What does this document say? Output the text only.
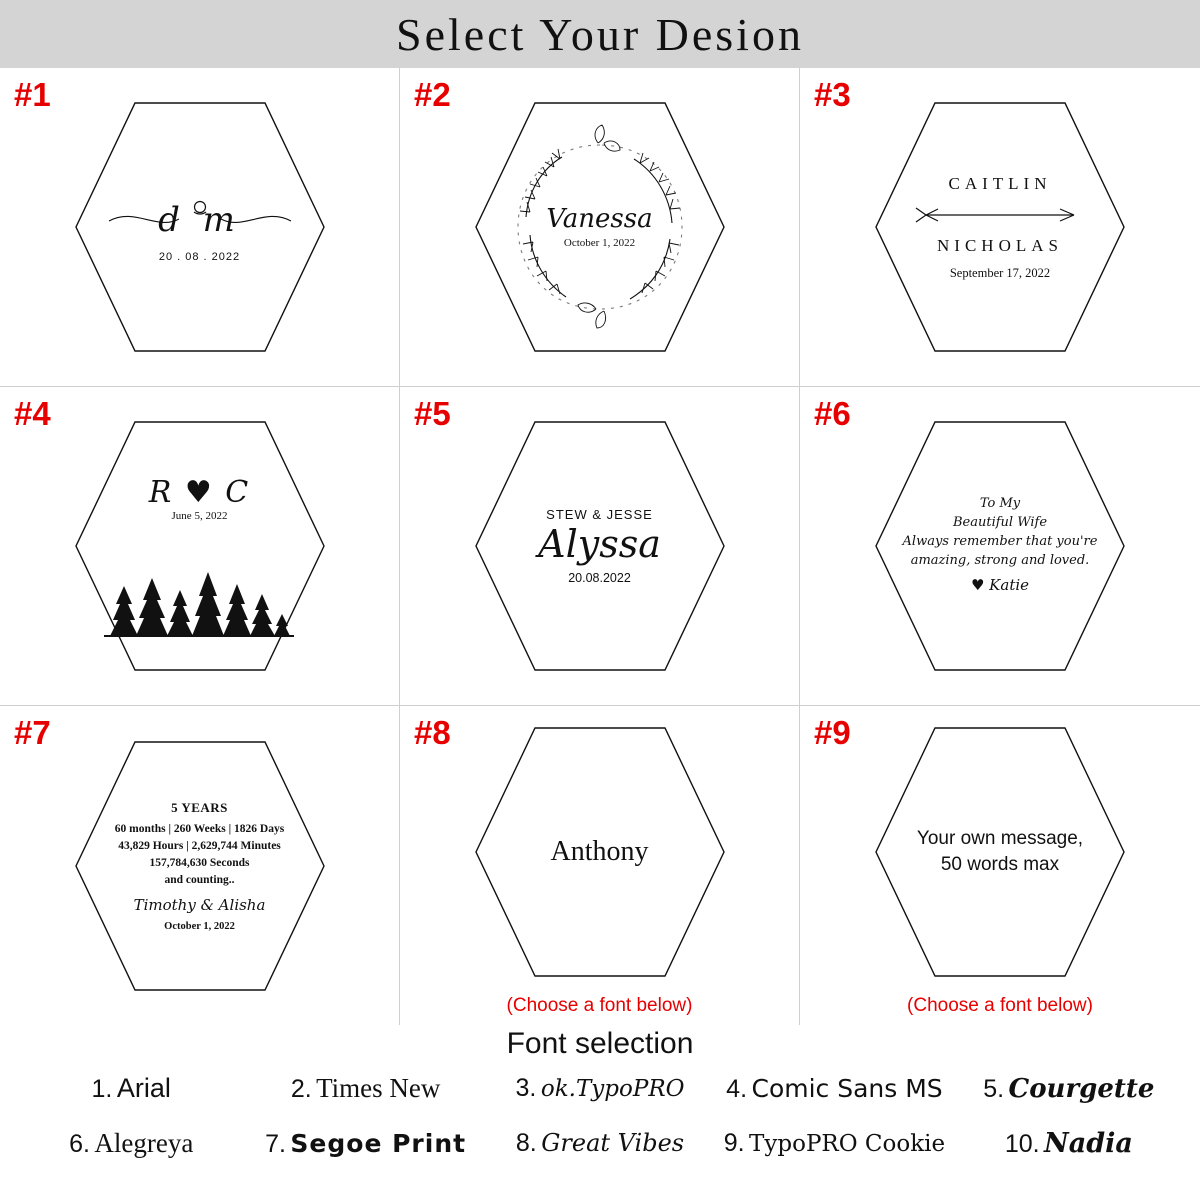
Select Your Desion
#1
d m
20 . 08 . 2022
#2
Vanessa
October 1, 2022
#3
CAITLIN
NICHOLAS
September 17, 2022
#4
R ♥ C
June 5, 2022
#5
STEW & JESSE
Alyssa
20.08.2022
#6
To My
Beautiful Wife
Always remember that you're
amazing, strong and loved.
♥ Katie
#7
5 YEARS
60 months | 260 Weeks | 1826 Days
43,829 Hours | 2,629,744 Minutes
157,784,630 Seconds
and counting..
Timothy & Alisha
October 1, 2022
#8
Anthony
(Choose a font below)
#9
Your own message,
50 words max
(Choose a font below)
Font selection
1. Arial	2. Times New	3. ok.TypoPRO	4. Comic Sans MS	5. Courgette
6. Alegreya	7. Segoe Print	8. Great Vibes	9. TypoPRO Cookie	10. Nadia
